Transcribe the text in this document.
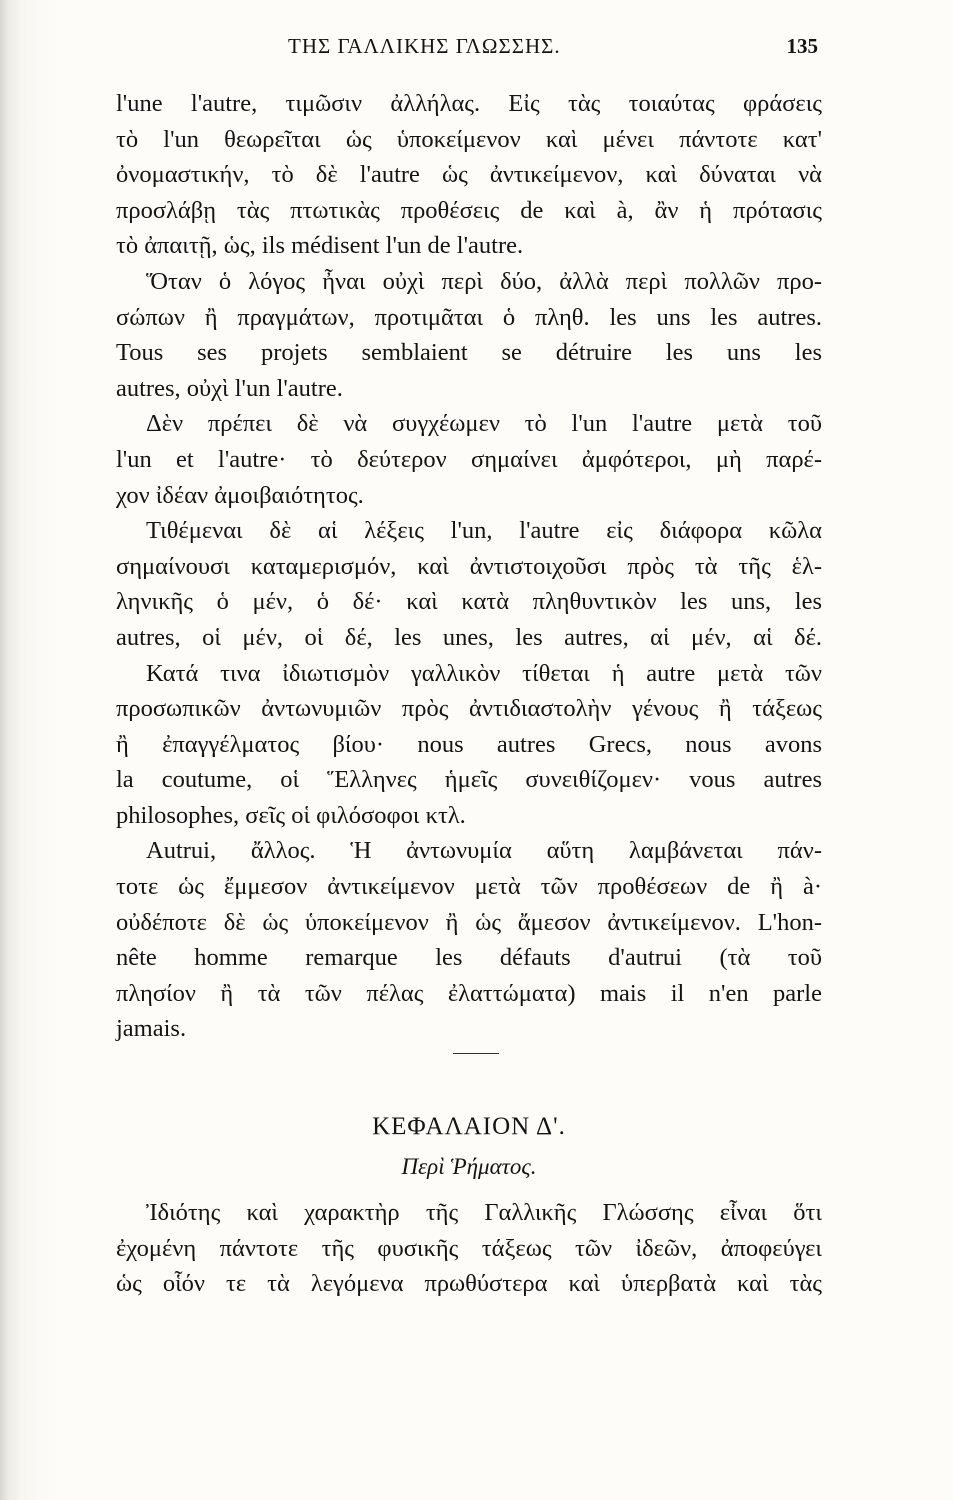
ΤΗΣ ΓΑΛΛΙΚΗΣ ΓΛΩΣΣΗΣ.	135
l'une l'autre, τιμῶσιν ἀλλήλας. Εἰς τὰς τοιαύτας φράσεις
τὸ l'un θεωρεῖται ὡς ὑποκείμενον καὶ μένει πάντοτε κατ'
ὀνομαστικήν, τὸ δὲ l'autre ὡς ἀντικείμενον, καὶ δύναται νὰ
προσλάβῃ τὰς πτωτικὰς προθέσεις de καὶ à, ἂν ἡ πρότασις
τὸ ἀπαιτῇ, ὡς, ils médisent l'un de l'autre.
Ὅταν ὁ λόγος ἦναι οὐχὶ περὶ δύο, ἀλλὰ περὶ πολλῶν προ-
σώπων ἢ πραγμάτων, προτιμᾶται ὁ πληθ. les uns les autres.
Tous ses projets semblaient se détruire les uns les
autres, οὐχὶ l'un l'autre.
Δὲν πρέπει δὲ νὰ συγχέωμεν τὸ l'un l'autre μετὰ τοῦ
l'un et l'autre· τὸ δεύτερον σημαίνει ἀμφότεροι, μὴ παρέ-
χον ἰδέαν ἀμοιβαιότητος.
Τιθέμεναι δὲ αἱ λέξεις l'un, l'autre εἰς διάφορα κῶλα
σημαίνουσι καταμερισμόν, καὶ ἀντιστοιχοῦσι πρὸς τὰ τῆς ἑλ-
ληνικῆς ὁ μέν, ὁ δέ· καὶ κατὰ πληθυντικὸν les uns, les
autres, οἱ μέν, οἱ δέ, les unes, les autres, αἱ μέν, αἱ δέ.
Κατά τινα ἰδιωτισμὸν γαλλικὸν τίθεται ἡ autre μετὰ τῶν
προσωπικῶν ἀντωνυμιῶν πρὸς ἀντιδιαστολὴν γένους ἢ τάξεως
ἢ ἐπαγγέλματος βίου· nous autres Grecs, nous avons
la coutume, οἱ Ἕλληνες ἡμεῖς συνειθίζομεν· vous autres
philosophes, σεῖς οἱ φιλόσοφοι κτλ.
Autrui, ἄλλος. Ἡ ἀντωνυμία αὕτη λαμβάνεται πάν-
τοτε ὡς ἔμμεσον ἀντικείμενον μετὰ τῶν προθέσεων de ἢ à·
οὐδέποτε δὲ ὡς ὑποκείμενον ἢ ὡς ἄμεσον ἀντικείμενον. L'hon-
nête homme remarque les défauts d'autrui (τὰ τοῦ
πλησίον ἢ τὰ τῶν πέλας ἐλαττώματα) mais il n'en parle
jamais.
ΚΕΦΑΛΑΙΟΝ Δ'.
Περὶ Ῥήματος.
Ἰδιότης καὶ χαρακτὴρ τῆς Γαλλικῆς Γλώσσης εἶναι ὅτι
ἐχομένη πάντοτε τῆς φυσικῆς τάξεως τῶν ἰδεῶν, ἀποφεύγει
ὡς οἷόν τε τὰ λεγόμενα πρωθύστερα καὶ ὑπερβατὰ καὶ τὰς
